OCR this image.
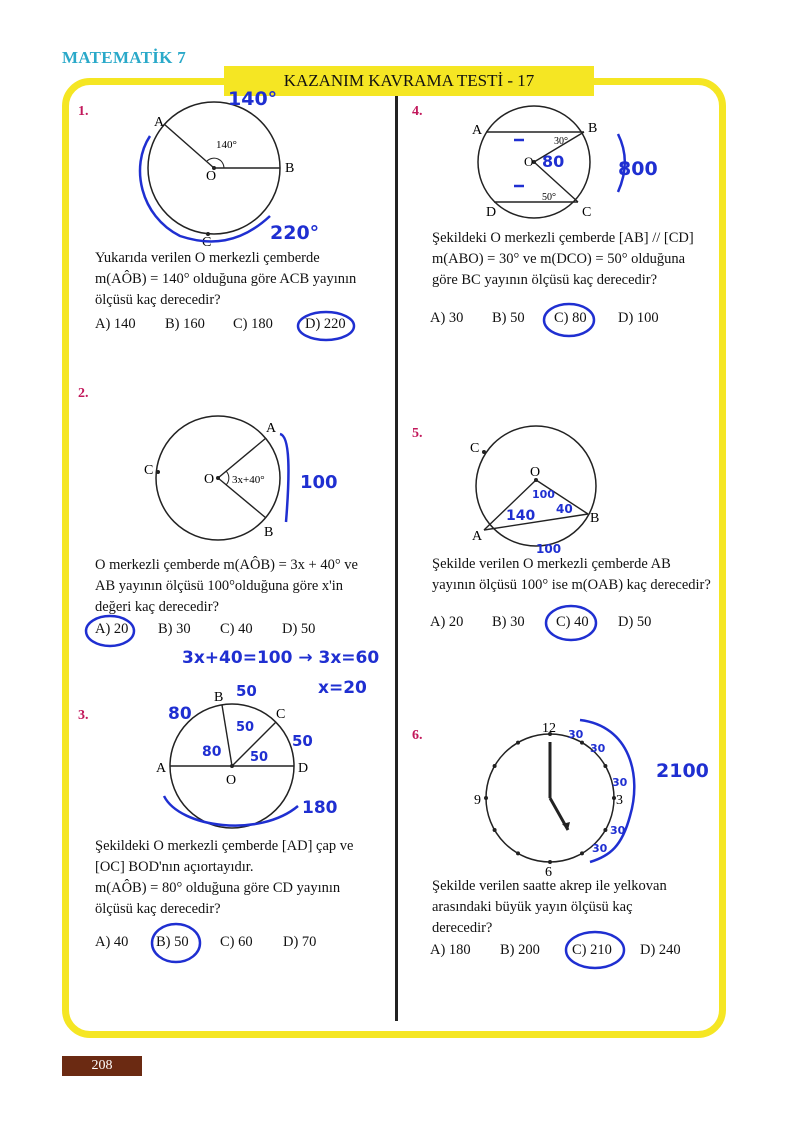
MATEMATİK 7
KAZANIM KAVRAMA TESTİ - 17
1.
A
B
C
O
140°
140°
220°
Yukarıda verilen O merkezli çemberde
m(AÔB) = 140° olduğuna göre ACB yayının
ölçüsü kaç derecedir?
A) 140 B) 160 C) 180 D) 220
2.
A
B
C
O 3x+40° 100
O merkezli çemberde m(AÔB) = 3x + 40° ve
AB yayının ölçüsü 100°olduğuna göre x'in
değeri kaç derecedir?
A) 20 B) 30 C) 40 D) 50
3x+40=100 → 3x=60
x=20
3.
A
B
C
D
O
80
50
50
80
50
50
180
Şekildeki O merkezli çemberde [AD] çap ve
[OC] BOD'nın açıortayıdır.
m(AÔB) = 80° olduğuna göre CD yayının
ölçüsü kaç derecedir?
A) 40 B) 50 C) 60 D) 70
4.
A	B
C
D
O
30°
50°
80	800
Şekildeki O merkezli çemberde [AB] // [CD]
m(ABO) = 30° ve m(DCO) = 50° olduğuna
göre BC yayının ölçüsü kaç derecedir?
A) 30 B) 50 C) 80 D) 100
5.
A
B
C
O
100
140 40
100
Şekilde verilen O merkezli çemberde AB
yayının ölçüsü 100° ise m(OAB) kaç derecedir?
A) 20 B) 30 C) 40 D) 50
6.	12
3
6
9
30
30
30
30
30
2100
Şekilde verilen saatte akrep ile yelkovan
arasındaki büyük yayın ölçüsü kaç
derecedir?
A) 180 B) 200 C) 210 D) 240
208
